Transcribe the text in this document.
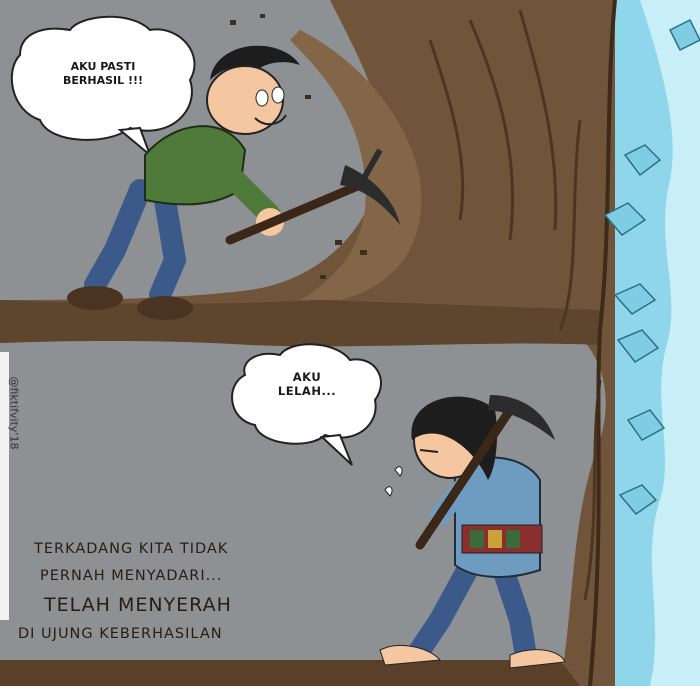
AKU PASTI
BERHASIL !!!
AKU
LELAH...
TERKADANG KITA TIDAK
PERNAH MENYADARI...
TELAH MENYERAH
DI UJUNG KEBERHASILAN
@fiktifvity'18
